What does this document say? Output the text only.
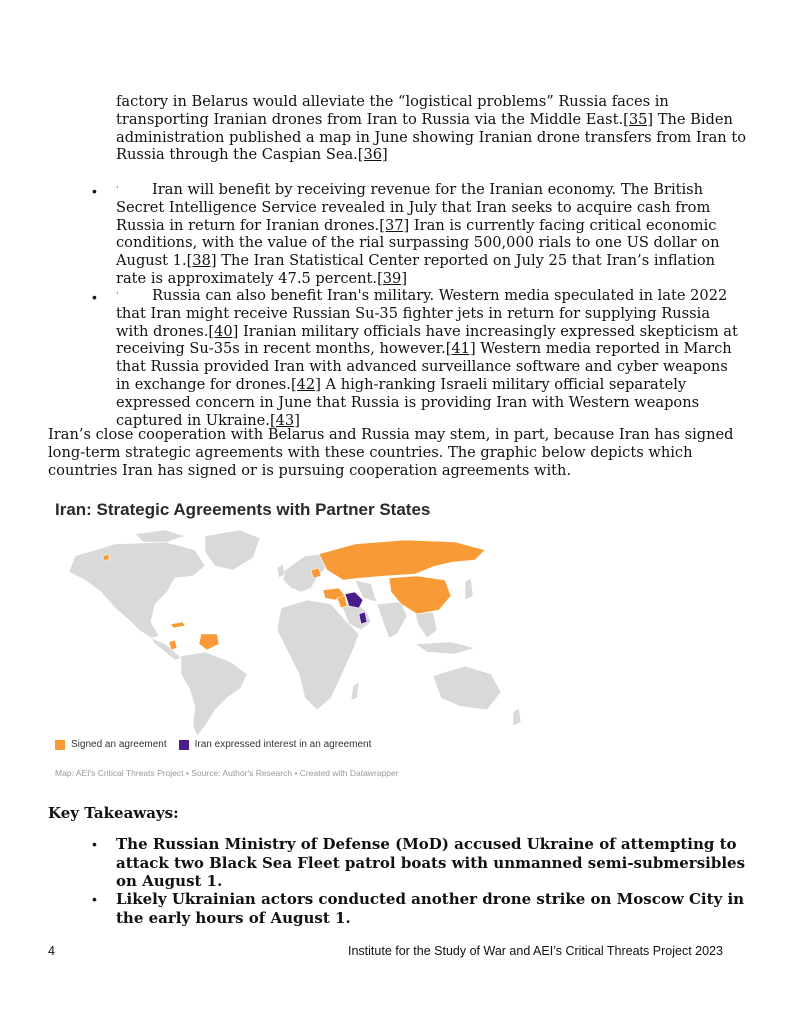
factory in Belarus would alleviate the “logistical problems” Russia faces in transporting Iranian drones from Iran to Russia via the Middle East.[35] The Biden administration published a map in June showing Iranian drone transfers from Iran to Russia through the Caspian Sea.[36]

• ·	Iran will benefit by receiving revenue for the Iranian economy. The British Secret Intelligence Service revealed in July that Iran seeks to acquire cash from Russia in return for Iranian drones.[37] Iran is currently facing critical economic conditions, with the value of the rial surpassing 500,000 rials to one US dollar on August 1.[38] The Iran Statistical Center reported on July 25 that Iran’s inflation rate is approximately 47.5 percent.[39]

• ·	Russia can also benefit Iran's military. Western media speculated in late 2022 that Iran might receive Russian Su-35 fighter jets in return for supplying Russia with drones.[40] Iranian military officials have increasingly expressed skepticism at receiving Su-35s in recent months, however.[41] Western media reported in March that Russia provided Iran with advanced surveillance software and cyber weapons in exchange for drones.[42] A high-ranking Israeli military official separately expressed concern in June that Russia is providing Iran with Western weapons captured in Ukraine.[43]

Iran’s close cooperation with Belarus and Russia may stem, in part, because Iran has signed long-term strategic agreements with these countries. The graphic below depicts which countries Iran has signed or is pursuing cooperation agreements with.

Iran: Strategic Agreements with Partner States
Signed an agreement	Iran expressed interest in an agreement
Map: AEI's Critical Threats Project • Source: Author's Research • Created with Datawrapper
Key Takeaways:
• The Russian Ministry of Defense (MoD) accused Ukraine of attempting to attack two Black Sea Fleet patrol boats with unmanned semi-submersibles on August 1.
• Likely Ukrainian actors conducted another drone strike on Moscow City in the early hours of August 1.
4	Institute for the Study of War and AEI’s Critical Threats Project 2023
